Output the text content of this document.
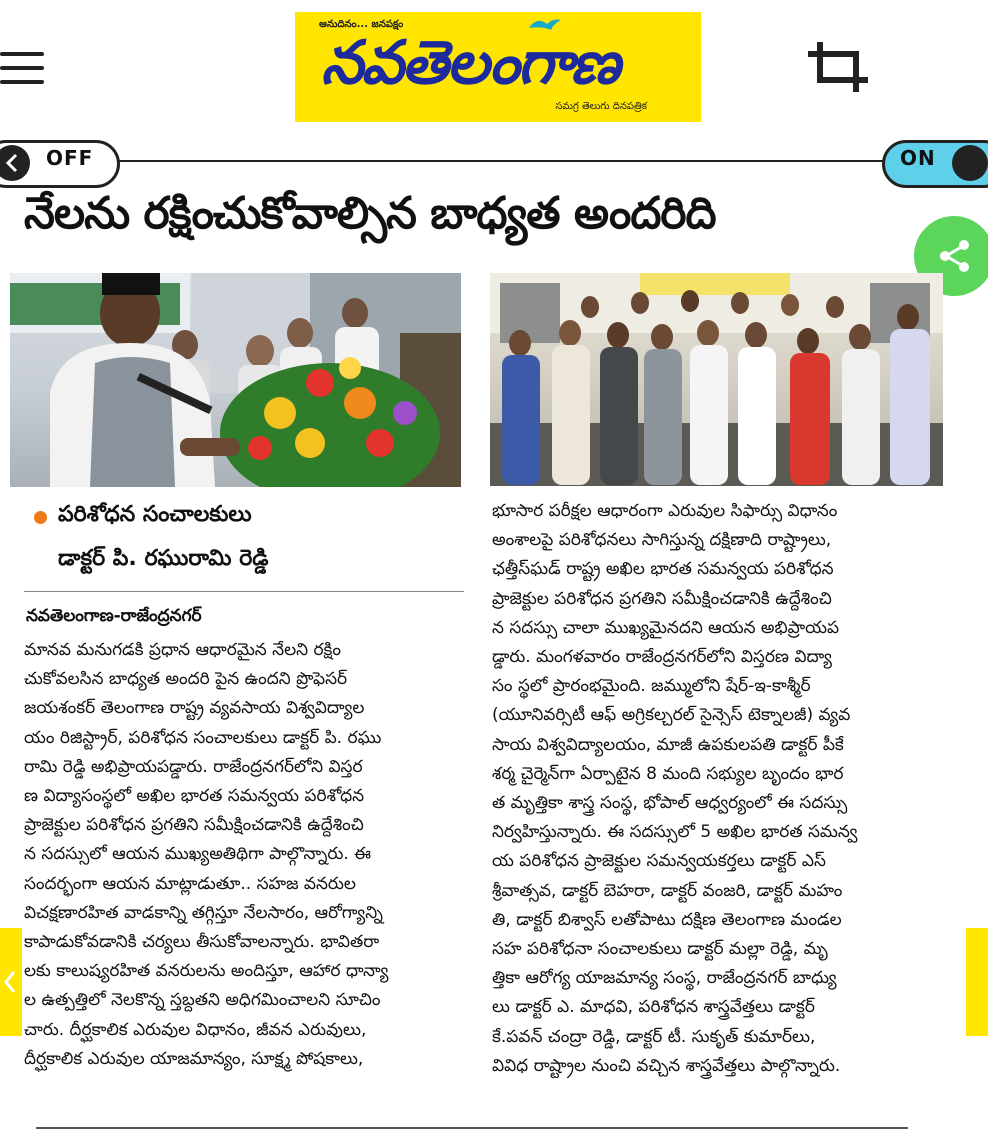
అనుదినం... జనపక్షం
నవతెలంగాణ
సమగ్ర తెలుగు దినపత్రిక
OFF	ON
నేలను రక్షించుకోవాల్సిన బాధ్యత అందరిది
పరిశోధన సంచాలకులు
డాక్టర్ పి. రఘురామి రెడ్డి
నవతెలంగాణ-రాజేంద్రనగర్
మానవ మనుగడకి ప్రధాన ఆధారమైన నేలని రక్షిం
చుకోవలసిన బాధ్యత అందరి పైన ఉందని ప్రొఫెసర్
జయశంకర్ తెలంగాణ రాష్ట్ర వ్యవసాయ విశ్వవిద్యాల
యం రిజిస్ట్రార్, పరిశోధన సంచాలకులు డాక్టర్ పి. రఘు
రామి రెడ్డి అభిప్రాయపడ్డారు. రాజేంద్రనగర్‌లోని విస్తర
ణ విద్యాసంస్థలో అఖిల భారత సమన్వయ పరిశోధన
ప్రాజెక్టుల పరిశోధన ప్రగతిని సమీక్షించడానికి ఉద్దేశించి
న సదస్సులో ఆయన ముఖ్యఅతిథిగా పాల్గొన్నారు. ఈ
సందర్భంగా ఆయన మాట్లాడుతూ.. సహజ వనరుల
విచక్షణారహిత వాడకాన్ని తగ్గిస్తూ నేలసారం, ఆరోగ్యాన్ని
కాపాడుకోవడానికి చర్యలు తీసుకోవాలన్నారు. భావితరా
లకు కాలుష్యరహిత వనరులను అందిస్తూ, ఆహార ధాన్యా
ల ఉత్పత్తిలో నెలకొన్న స్తబ్దతని అధిగమించాలని సూచిం
చారు. దీర్ఘకాలిక ఎరువుల విధానం, జీవన ఎరువులు,
దీర్ఘకాలిక ఎరువుల యాజమాన్యం, సూక్ష్మ పోషకాలు,
భూసార పరీక్షల ఆధారంగా ఎరువుల సిఫార్సు విధానం
అంశాలపై పరిశోధనలు సాగిస్తున్న దక్షిణాది రాష్ట్రాలు,
ఛత్తీస్‌ఘడ్ రాష్ట్ర అఖిల భారత సమన్వయ పరిశోధన
ప్రాజెక్టుల పరిశోధన ప్రగతిని సమీక్షించడానికి ఉద్దేశించి
న సదస్సు చాలా ముఖ్యమైనదని ఆయన అభిప్రాయప
డ్డారు. మంగళవారం రాజేంద్రనగర్‌లోని విస్తరణ విద్యా
సం స్థలో ప్రారంభమైంది. జమ్ములోని షేర్-ఇ-కాశ్మీర్
(యూనివర్సిటీ ఆఫ్ అగ్రికల్చరల్ సైన్సెస్ టెక్నాలజీ) వ్యవ
సాయ విశ్వవిద్యాలయం, మాజీ ఉపకులపతి డాక్టర్ పీకే
శర్మ చైర్మెన్‌గా ఏర్పాటైన 8 మంది సభ్యుల బృందం భార
త మృత్తికా శాస్త్ర సంస్థ, భోపాల్ ఆధ్వర్యంలో ఈ సదస్సు
నిర్వహిస్తున్నారు. ఈ సదస్సులో 5 అఖిల భారత సమన్వ
య పరిశోధన ప్రాజెక్టుల సమన్వయకర్తలు డాక్టర్ ఎస్
శ్రీవాత్సవ, డాక్టర్ బెహరా, డాక్టర్ వంజరి, డాక్టర్ మహం
తి, డాక్టర్ బిశ్వాస్ లతోపాటు దక్షిణ తెలంగాణ మండల
సహ పరిశోధనా సంచాలకులు డాక్టర్ మల్లా రెడ్డి, మృ
త్తికా ఆరోగ్య యాజమాన్య సంస్థ, రాజేంద్రనగర్ బాధ్యు
లు డాక్టర్ ఎ. మాధవి, పరిశోధన శాస్త్రవేత్తలు డాక్టర్
కే.పవన్ చంద్రా రెడ్డి, డాక్టర్ టీ. సుకృత్ కుమార్‌లు,
వివిధ రాష్ట్రాల నుంచి వచ్చిన శాస్త్రవేత్తలు పాల్గొన్నారు.
